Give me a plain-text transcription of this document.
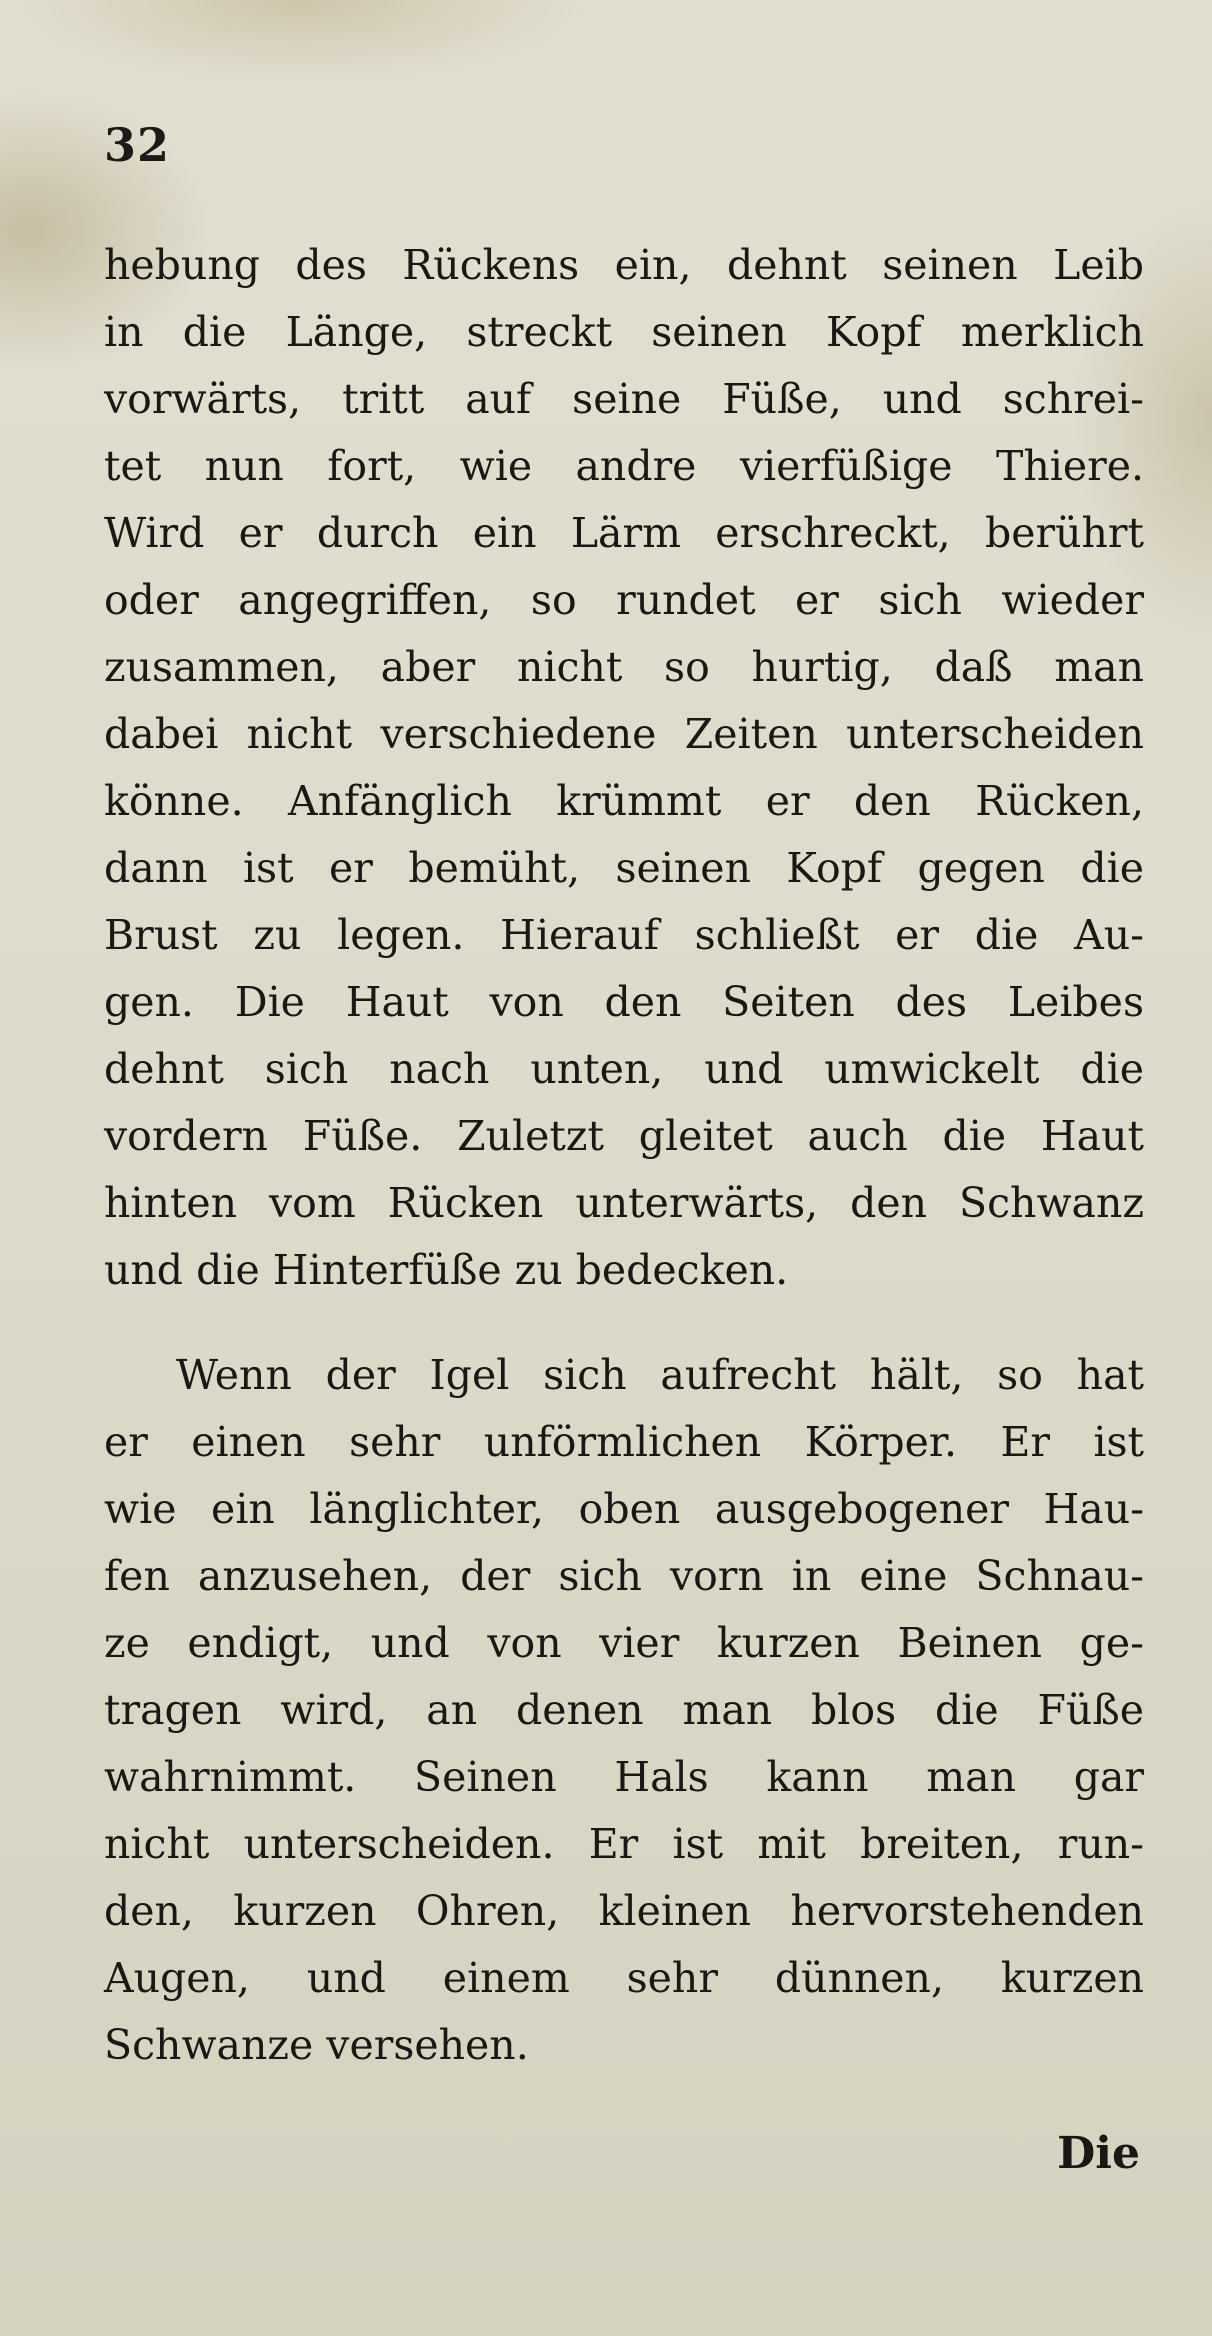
32
hebung des Rückens ein, dehnt seinen Leib
in die Länge, streckt seinen Kopf merklich
vorwärts, tritt auf seine Füße, und schrei-
tet nun fort, wie andre vierfüßige Thiere.
Wird er durch ein Lärm erschreckt, berührt
oder angegriffen, so rundet er sich wieder
zusammen, aber nicht so hurtig, daß man
dabei nicht verschiedene Zeiten unterscheiden
könne. Anfänglich krümmt er den Rücken,
dann ist er bemüht, seinen Kopf gegen die
Brust zu legen. Hierauf schließt er die Au-
gen. Die Haut von den Seiten des Leibes
dehnt sich nach unten, und umwickelt die
vordern Füße. Zuletzt gleitet auch die Haut
hinten vom Rücken unterwärts, den Schwanz
und die Hinterfüße zu bedecken.
Wenn der Igel sich aufrecht hält, so hat
er einen sehr unförmlichen Körper. Er ist
wie ein länglichter, oben ausgebogener Hau-
fen anzusehen, der sich vorn in eine Schnau-
ze endigt, und von vier kurzen Beinen ge-
tragen wird, an denen man blos die Füße
wahrnimmt. Seinen Hals kann man gar
nicht unterscheiden. Er ist mit breiten, run-
den, kurzen Ohren, kleinen hervorstehenden
Augen, und einem sehr dünnen, kurzen
Schwanze versehen.
Die
